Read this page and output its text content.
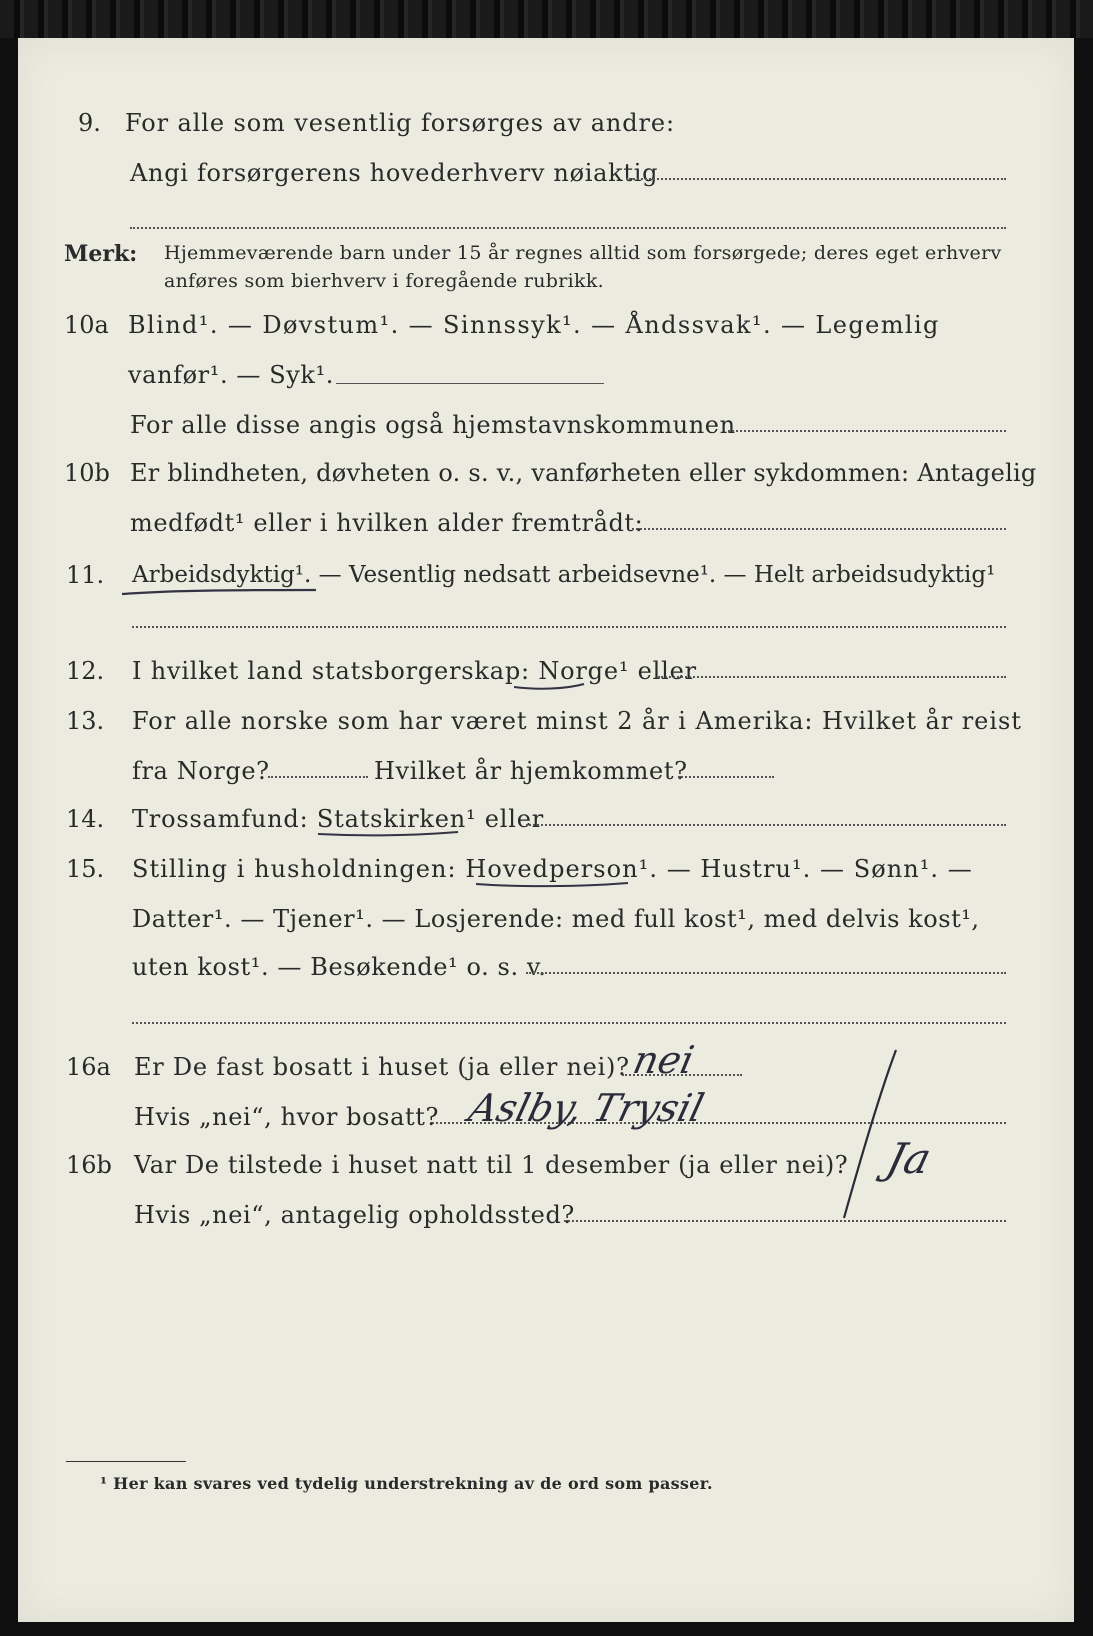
9. For alle som vesentlig forsørges av andre:
Angi forsørgerens hovederhverv nøiaktig
Merk: Hjemmeværende barn under 15 år regnes alltid som forsørgede; deres eget erhverv
anføres som bierhverv i foregående rubrikk.
10a Blind¹. — Døvstum¹. — Sinnssyk¹. — Åndssvak¹. — Legemlig
vanfør¹. — Syk¹.
For alle disse angis også hjemstavnskommunen
10b Er blindheten, døvheten o. s. v., vanførheten eller sykdommen: Antagelig
medfødt¹ eller i hvilken alder fremtrådt:
11. Arbeidsdyktig¹. — Vesentlig nedsatt arbeidsevne¹. — Helt arbeidsudyktig¹
12. I hvilket land statsborgerskap: Norge¹ eller
13. For alle norske som har været minst 2 år i Amerika: Hvilket år reist
fra Norge?	Hvilket år hjemkommet?
14. Trossamfund: Statskirken¹ eller
15. Stilling i husholdningen: Hovedperson¹. — Hustru¹. — Sønn¹. —
Datter¹. — Tjener¹. — Losjerende: med full kost¹, med delvis kost¹,
uten kost¹. — Besøkende¹ o. s. v.
16a Er De fast bosatt i huset (ja eller nei)?
Hvis „nei“, hvor bosatt?
16b Var De tilstede i huset natt til 1 desember (ja eller nei)?
Hvis „nei“, antagelig opholdssted?
nei
Aslby, Trysil
Ja
¹ Her kan svares ved tydelig understrekning av de ord som passer.
